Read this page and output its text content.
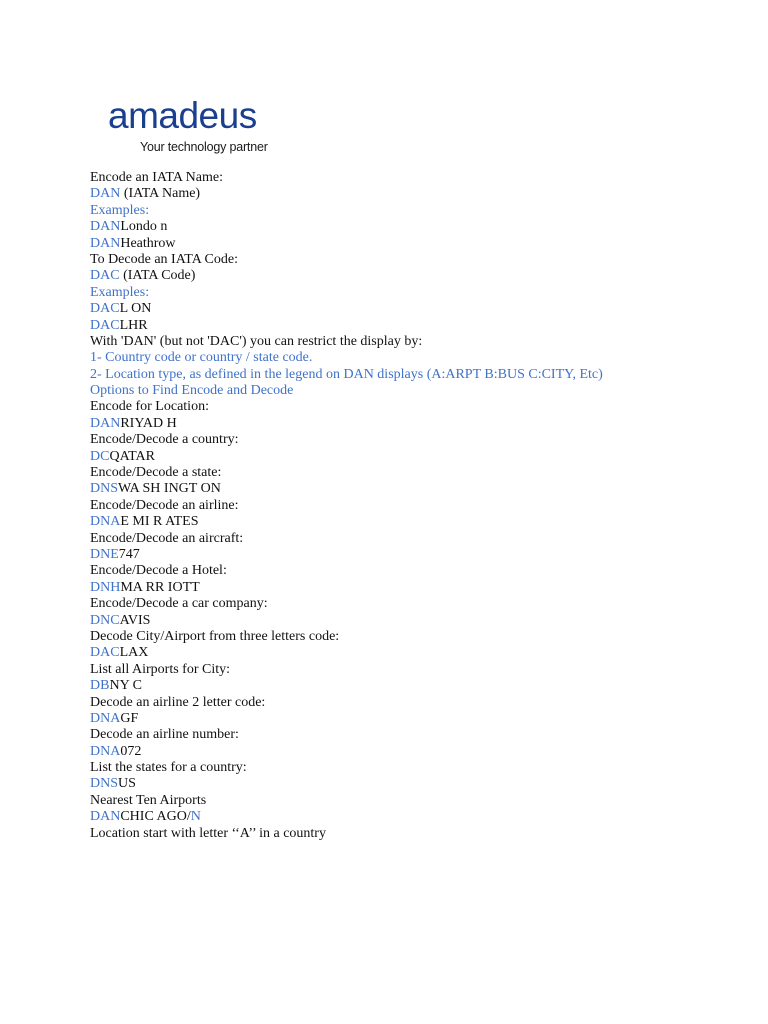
amadeus
Your technology partner
Encode an IATA Name:
DAN (IATA Name)
Examples:
DANLondo n
DANHeathrow
To Decode an IATA Code:
DAC (IATA Code)
Examples:
DACL ON
DACLHR
With 'DAN' (but not 'DAC') you can restrict the display by:
1- Country code or country / state code.
2- Location type, as defined in the legend on DAN displays (A:ARPT B:BUS C:CITY, Etc)
Options to Find Encode and Decode
Encode for Location:
DANRIYAD H
Encode/Decode a country:
DCQATAR
Encode/Decode a state:
DNSWA SH INGT ON
Encode/Decode an airline:
DNAE MI R ATES
Encode/Decode an aircraft:
DNE747
Encode/Decode a Hotel:
DNHMA RR IOTT
Encode/Decode a car company:
DNCAVIS
Decode City/Airport from three letters code:
DACLAX
List all Airports for City:
DBNY C
Decode an airline 2 letter code:
DNAGF
Decode an airline number:
DNA072
List the states for a country:
DNSUS
Nearest Ten Airports
DANCHIC AGO/N
Location start with letter ‘‘A’’ in a country
